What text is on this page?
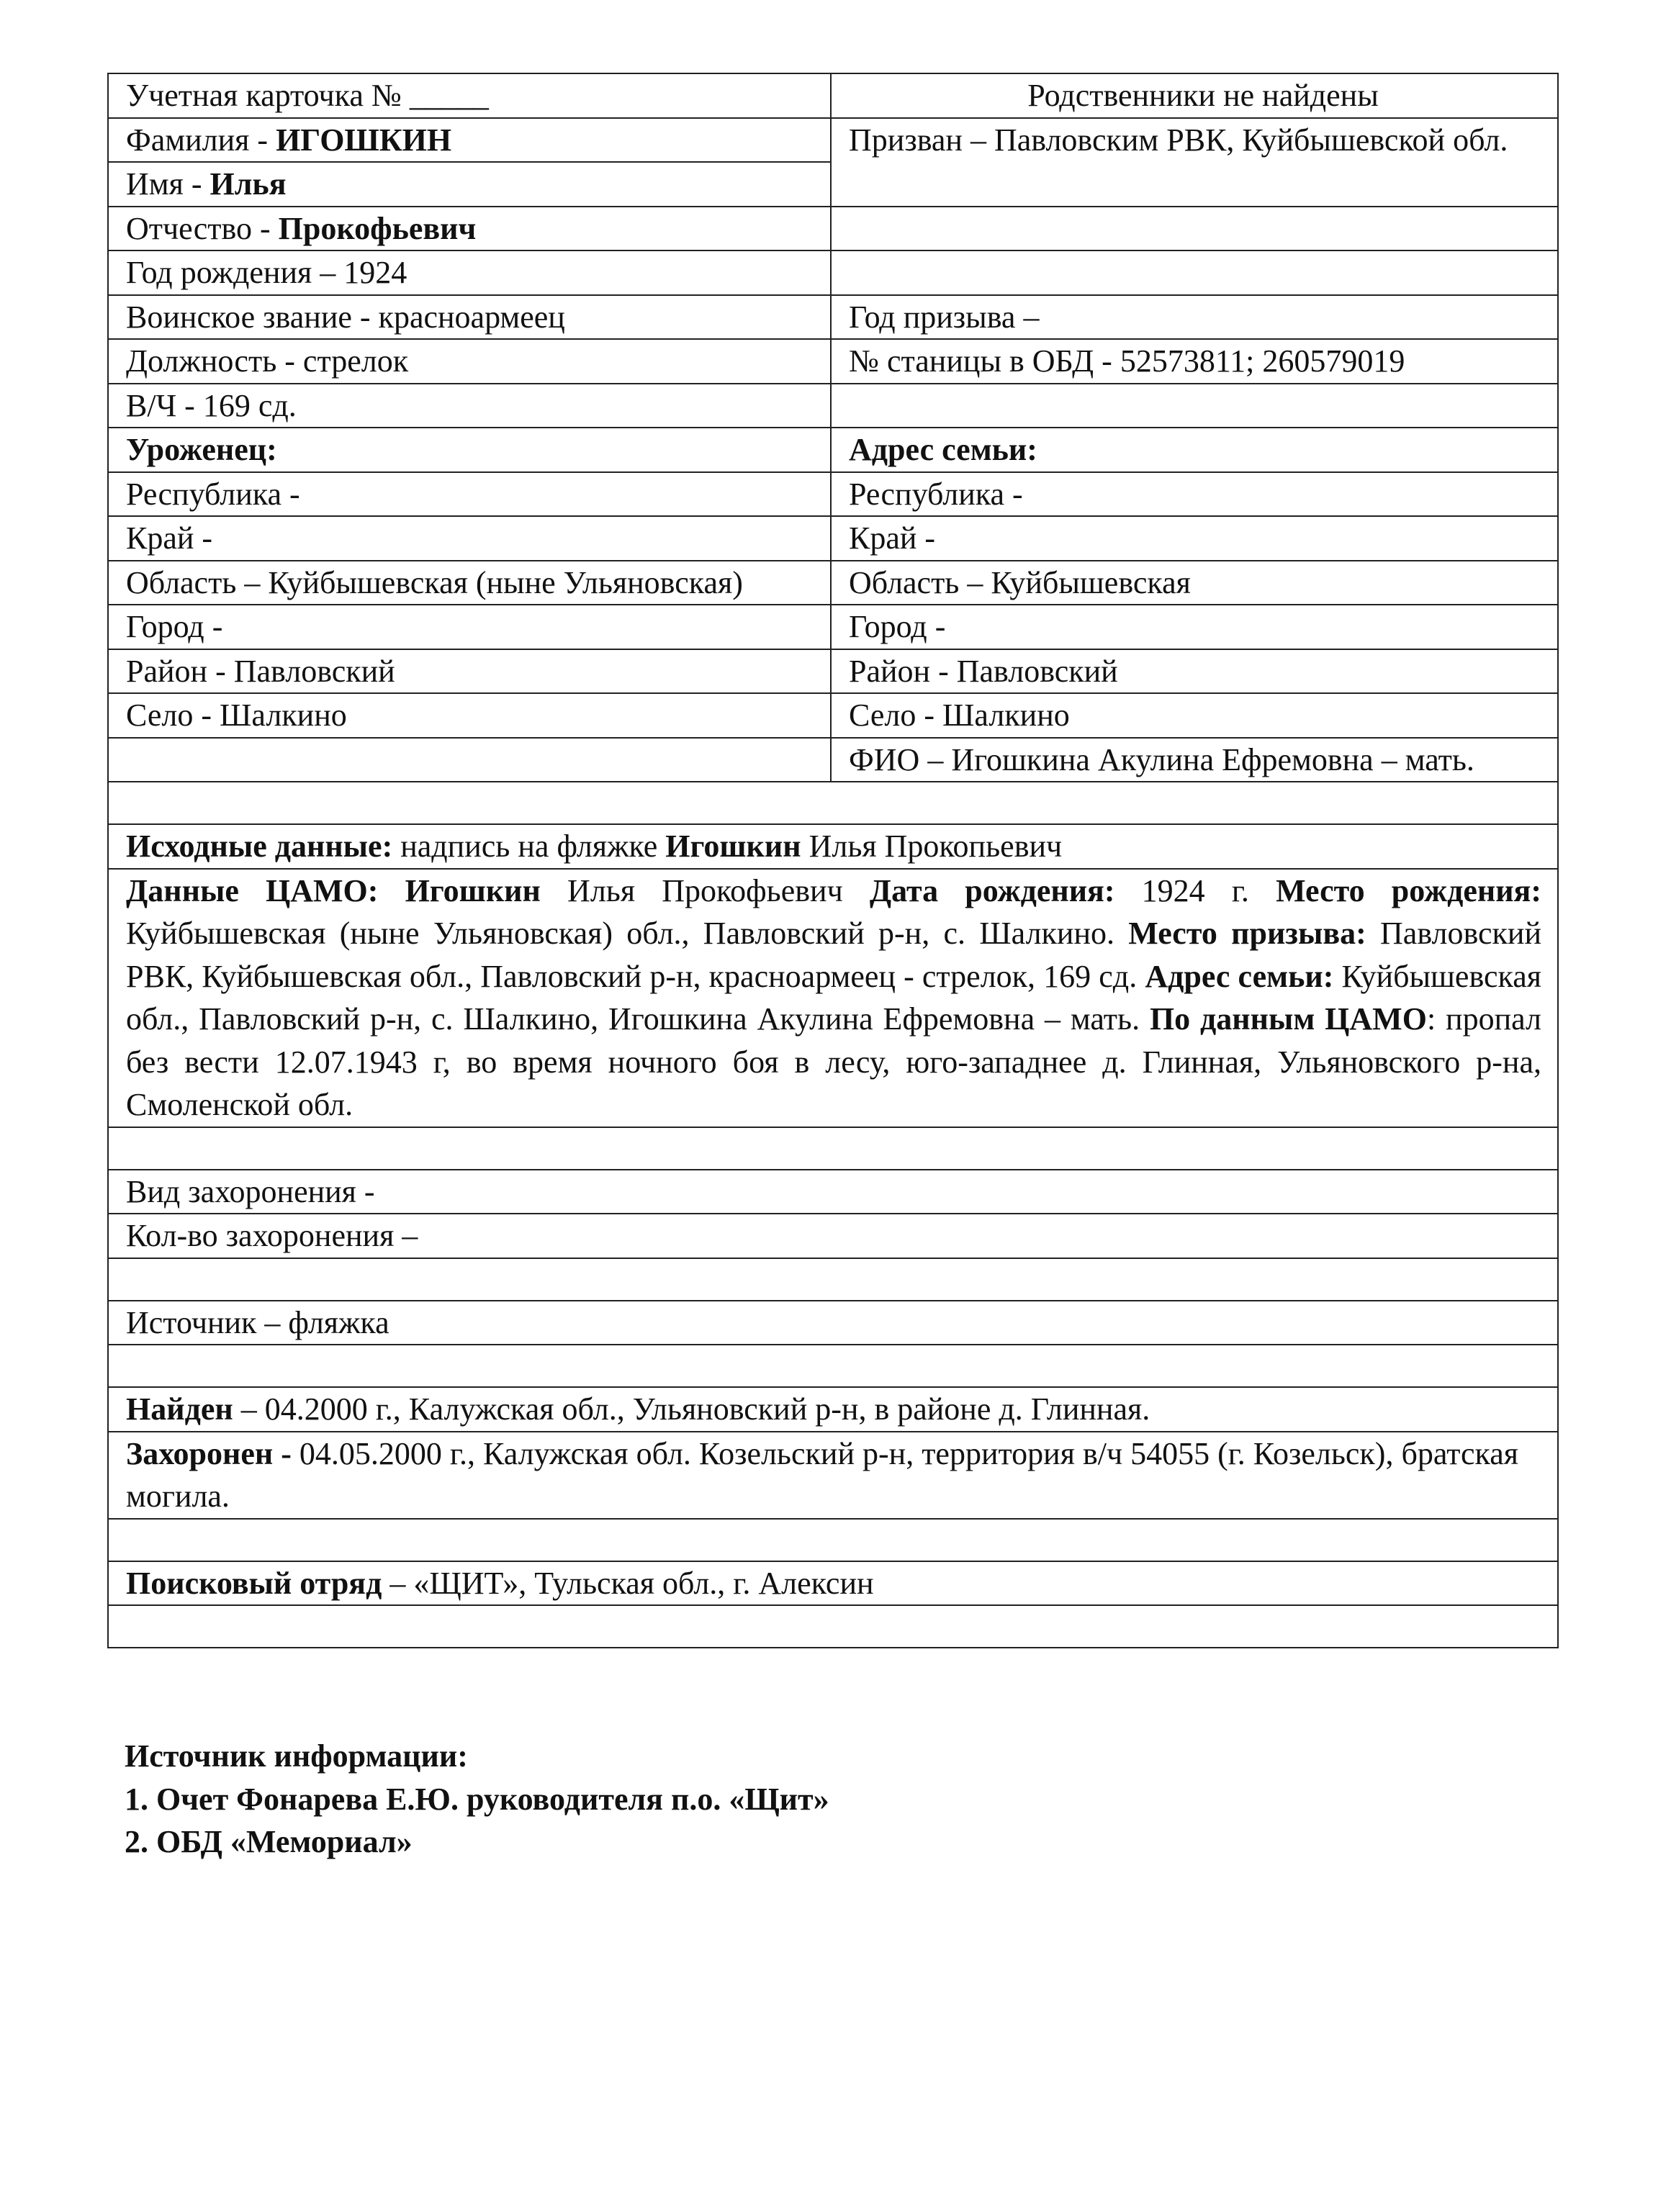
Учетная карточка № _____	Родственники не найдены
Фамилия - ИГОШКИН	Призван – Павловским РВК, Куйбышевской обл.
Имя - Илья	
Отчество - Прокофьевич	
Год рождения – 1924	
Воинское звание - красноармеец	Год призыва –
Должность - стрелок	№ станицы в ОБД - 52573811; 260579019
В/Ч - 169 сд.	
Уроженец:	Адрес семьи:
Республика -	Республика -
Край -	Край -
Область – Куйбышевская (ныне Ульяновская)	Область – Куйбышевская
Город -	Город -
Район - Павловский	Район - Павловский
Село - Шалкино	Село - Шалкино
	ФИО – Игошкина Акулина Ефремовна – мать.

Исходные данные: надпись на фляжке Игошкин Илья Прокопьевич	
Данные ЦАМО: Игошкин Илья Прокофьевич Дата рождения: 1924 г. Место рождения: Куйбышевская (ныне Ульяновская) обл., Павловский р-н, с. Шалкино. Место призыва: Павловский РВК, Куйбышевская обл., Павловский р-н, красноармеец - стрелок, 169 сд. Адрес семьи: Куйбышевская обл., Павловский р-н, с. Шалкино, Игошкина Акулина Ефремовна – мать. По данным ЦАМО: пропал без вести 12.07.1943 г, во время ночного боя в лесу, юго-западнее д. Глинная, Ульяновского р-на, Смоленской обл.	

Вид захоронения -	
Кол-во захоронения –	

Источник – фляжка	

Найден – 04.2000 г., Калужская обл., Ульяновский р-н, в районе д. Глинная.	
Захоронен - 04.05.2000 г., Калужская обл. Козельский р-н, территория в/ч 54055 (г. Козельск), братская могила.	

Поисковый отряд – «ЩИТ», Тульская обл., г. Алексин	

Источник информации:
1. Очет Фонарева Е.Ю. руководителя п.о. «Щит»
2. ОБД «Мемориал»
